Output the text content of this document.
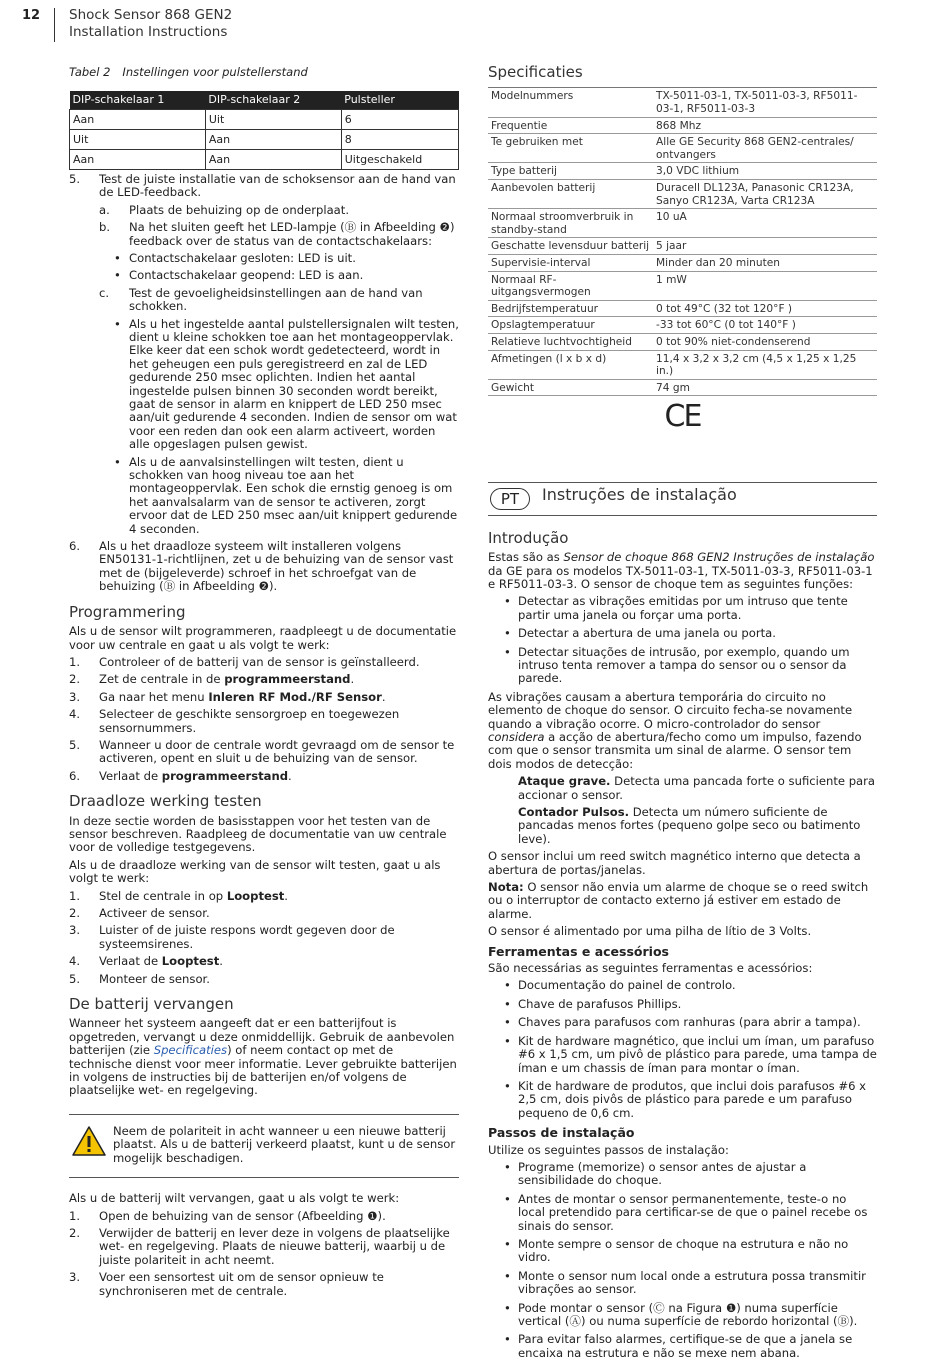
12 Shock Sensor 868 GEN2
Installation Instructions
Tabel 2 Instellingen voor pulstellerstand
DIP-schakelaar 1	DIP-schakelaar 2	Pulsteller
Aan	Uit	6
Uit	Aan	8
Aan	Aan	Uitgeschakeld
5. Test de juiste installatie van de schoksensor aan de hand van de LED-feedback.
a. Plaats de behuizing op de onderplaat.
b. Na het sluiten geeft het LED-lampje (Ⓑ in Afbeelding ❷) feedback over de status van de contactschakelaars:
• Contactschakelaar gesloten: LED is uit.
• Contactschakelaar geopend: LED is aan.
c. Test de gevoeligheidsinstellingen aan de hand van schokken.
• Als u het ingestelde aantal pulstellersignalen wilt testen, dient u kleine schokken toe aan het montageoppervlak. Elke keer dat een schok wordt gedetecteerd, wordt in het geheugen een puls geregistreerd en zal de LED gedurende 250 msec oplichten. Indien het aantal ingestelde pulsen binnen 30 seconden wordt bereikt, gaat de sensor in alarm en knippert de LED 250 msec aan/uit gedurende 4 seconden. Indien de sensor om wat voor een reden dan ook een alarm activeert, worden alle opgeslagen pulsen gewist.
• Als u de aanvalsinstellingen wilt testen, dient u schokken van hoog niveau toe aan het montageoppervlak. Een schok die ernstig genoeg is om het aanvalsalarm van de sensor te activeren, zorgt ervoor dat de LED 250 msec aan/uit knippert gedurende 4 seconden.
6. Als u het draadloze systeem wilt installeren volgens EN50131-1-richtlijnen, zet u de behuizing van de sensor vast met de (bijgeleverde) schroef in het schroefgat van de behuizing (Ⓑ in Afbeelding ❷).
Programmering

Als u de sensor wilt programmeren, raadpleegt u de documentatie voor uw centrale en gaat u als volgt te werk:

1. Controleer of de batterij van de sensor is geïnstalleerd.
2. Zet de centrale in de programmeerstand.
3. Ga naar het menu Inleren RF Mod./RF Sensor.
4. Selecteer de geschikte sensorgroep en toegewezen sensornummers.
5. Wanneer u door de centrale wordt gevraagd om de sensor te activeren, opent en sluit u de behuizing van de sensor.
6. Verlaat de programmeerstand.
Draadloze werking testen

In deze sectie worden de basisstappen voor het testen van de sensor beschreven. Raadpleeg de documentatie van uw centrale voor de volledige testgegevens.

Als u de draadloze werking van de sensor wilt testen, gaat u als volgt te werk:

1. Stel de centrale in op Looptest.
2. Activeer de sensor.
3. Luister of de juiste respons wordt gegeven door de systeemsirenes.
4. Verlaat de Looptest.
5. Monteer de sensor.
De batterij vervangen

Wanneer het systeem aangeeft dat er een batterijfout is opgetreden, vervangt u deze onmiddellijk. Gebruik de aanbevolen batterijen (zie Specificaties) of neem contact op met de technische dienst voor meer informatie. Lever gebruikte batterijen in volgens de instructies bij de batterijen en/of volgens de plaatselijke wet- en regelgeving.

Neem de polariteit in acht wanneer u een nieuwe batterij plaatst. Als u de batterij verkeerd plaatst, kunt u de sensor mogelijk beschadigen.

Als u de batterij wilt vervangen, gaat u als volgt te werk:

1. Open de behuizing van de sensor (Afbeelding ❶).
2. Verwijder de batterij en lever deze in volgens de plaatselijke wet- en regelgeving. Plaats de nieuwe batterij, waarbij u de juiste polariteit in acht neemt.
3. Voer een sensortest uit om de sensor opnieuw te synchroniseren met de centrale.
Specificaties
Modelnummers	TX-5011-03-1, TX-5011-03-3, RF5011-03-1, RF5011-03-3
Frequentie	868 Mhz
Te gebruiken met	Alle GE Security 868 GEN2-centrales/ ontvangers
Type batterij	3,0 VDC lithium
Aanbevolen batterij	Duracell DL123A, Panasonic CR123A, Sanyo CR123A, Varta CR123A
Normaal stroomverbruik in standby-stand	10 uA
Geschatte levensduur batterij	5 jaar
Supervisie-interval	Minder dan 20 minuten
Normaal RF-uitgangsvermogen	1 mW
Bedrijfstemperatuur	0 tot 49°C (32 tot 120°F )
Opslagtemperatuur	-33 tot 60°C (0 tot 140°F )
Relatieve luchtvochtigheid	0 tot 90% niet-condenserend
Afmetingen (l x b x d)	11,4 x 3,2 x 3,2 cm (4,5 x 1,25 x 1,25 in.)
Gewicht	74 gm
CE
PT	Instruções de instalação
Introdução

Estas são as Sensor de choque 868 GEN2 Instruções de instalação da GE para os modelos TX-5011-03-1, TX-5011-03-3, RF5011-03-1 e RF5011-03-3. O sensor de choque tem as seguintes funções:

• Detectar as vibrações emitidas por um intruso que tente partir uma janela ou forçar uma porta.
• Detectar a abertura de uma janela ou porta.
• Detectar situações de intrusão, por exemplo, quando um intruso tenta remover a tampa do sensor ou o sensor da parede.

As vibrações causam a abertura temporária do circuito no elemento de choque do sensor. O circuito fecha-se novamente quando a vibração ocorre. O micro-controlador do sensor considera a acção de abertura/fecho como um impulso, fazendo com que o sensor transmita um sinal de alarme. O sensor tem dois modos de detecção:

Ataque grave. Detecta uma pancada forte o suficiente para accionar o sensor.

Contador Pulsos. Detecta um número suficiente de pancadas menos fortes (pequeno golpe seco ou batimento leve).

O sensor inclui um reed switch magnético interno que detecta a abertura de portas/janelas.

Nota: O sensor não envia um alarme de choque se o reed switch ou o interruptor de contacto externo já estiver em estado de alarme.

O sensor é alimentado por uma pilha de lítio de 3 Volts.

Ferramentas e acessórios

São necessárias as seguintes ferramentas e acessórios:

• Documentação do painel de controlo.
• Chave de parafusos Phillips.
• Chaves para parafusos com ranhuras (para abrir a tampa).
• Kit de hardware magnético, que inclui um íman, um parafuso #6 x 1,5 cm, um pivô de plástico para parede, uma tampa de íman e um chassis de íman para montar o íman.
• Kit de hardware de produtos, que inclui dois parafusos #6 x 2,5 cm, dois pivôs de plástico para parede e um parafuso pequeno de 0,6 cm.
Passos de instalação

Utilize os seguintes passos de instalação:

• Programe (memorize) o sensor antes de ajustar a sensibilidade do choque.
• Antes de montar o sensor permanentemente, teste-o no local pretendido para certificar-se de que o painel recebe os sinais do sensor.
• Monte sempre o sensor de choque na estrutura e não no vidro.
• Monte o sensor num local onde a estrutura possa transmitir vibrações ao sensor.
• Pode montar o sensor (Ⓒ na Figura ❶) numa superfície vertical (Ⓐ) ou numa superfície de rebordo horizontal (Ⓑ).
• Para evitar falso alarmes, certifique-se de que a janela se encaixa na estrutura e não se mexe nem abana.
